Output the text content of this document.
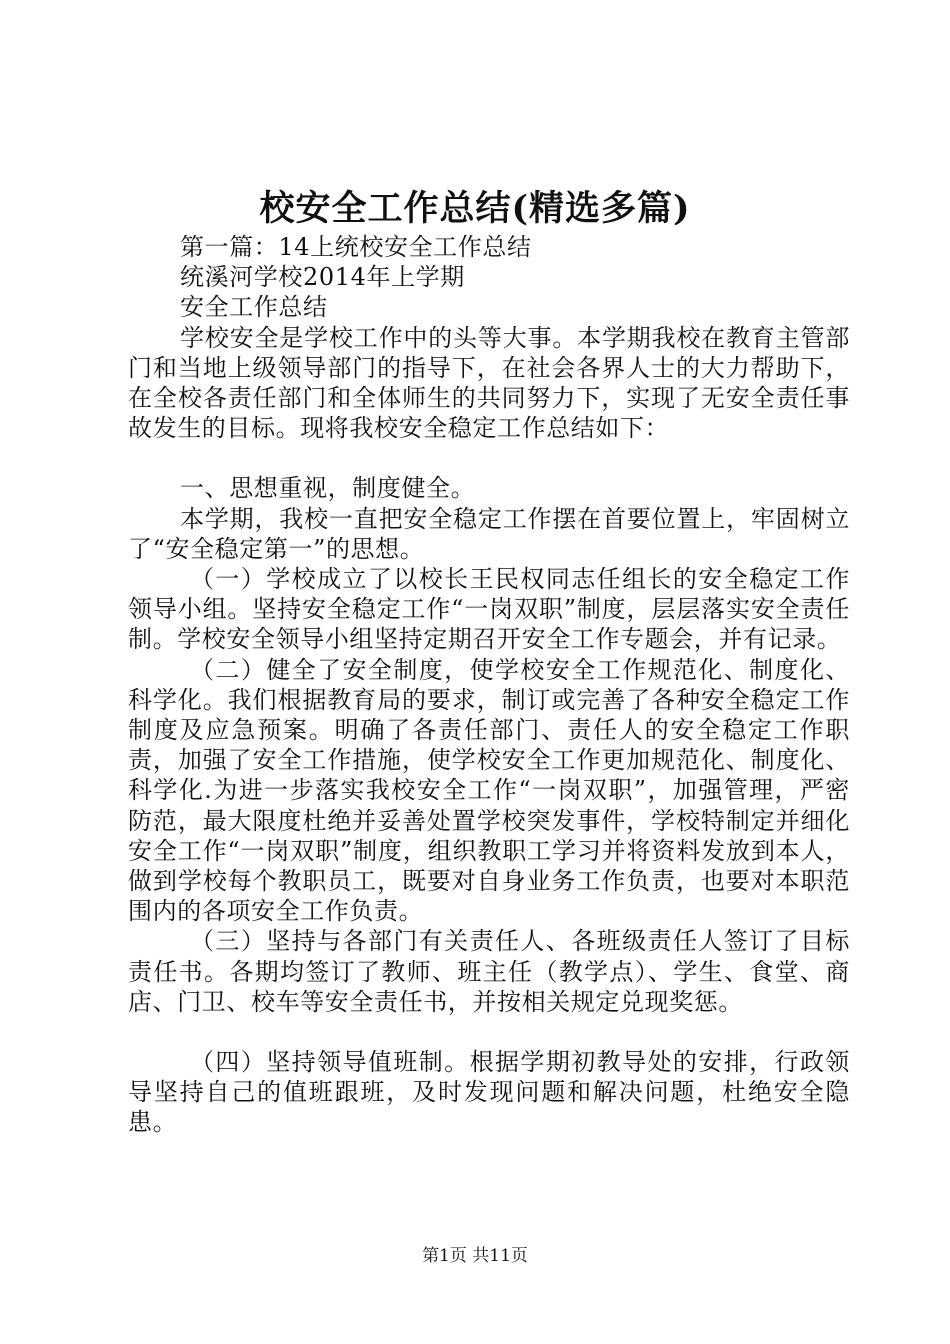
校安全工作总结(精选多篇)

第一篇：14上统校安全工作总结

统溪河学校2014年上学期

安全工作总结

学校安全是学校工作中的头等大事。本学期我校在教育主管部门和当地上级领导部门的指导下，在社会各界人士的大力帮助下，在全校各责任部门和全体师生的共同努力下，实现了无安全责任事故发生的目标。现将我校安全稳定工作总结如下：

一、思想重视，制度健全。

本学期，我校一直把安全稳定工作摆在首要位置上，牢固树立了“安全稳定第一”的思想。

（一）学校成立了以校长王民权同志任组长的安全稳定工作领导小组。坚持安全稳定工作“一岗双职”制度，层层落实安全责任制。学校安全领导小组坚持定期召开安全工作专题会，并有记录。

（二）健全了安全制度，使学校安全工作规范化、制度化、科学化。我们根据教育局的要求，制订或完善了各种安全稳定工作制度及应急预案。明确了各责任部门、责任人的安全稳定工作职责，加强了安全工作措施，使学校安全工作更加规范化、制度化、科学化.为进一步落实我校安全工作“一岗双职”，加强管理，严密防范，最大限度杜绝并妥善处置学校突发事件，学校特制定并细化安全工作“一岗双职”制度，组织教职工学习并将资料发放到本人，做到学校每个教职员工，既要对自身业务工作负责，也要对本职范围内的各项安全工作负责。

（三）坚持与各部门有关责任人、各班级责任人签订了目标责任书。各期均签订了教师、班主任（教学点）、学生、食堂、商店、门卫、校车等安全责任书，并按相关规定兑现奖惩。

（四）坚持领导值班制。根据学期初教导处的安排，行政领导坚持自己的值班跟班，及时发现问题和解决问题，杜绝安全隐患。

第1页 共11页
